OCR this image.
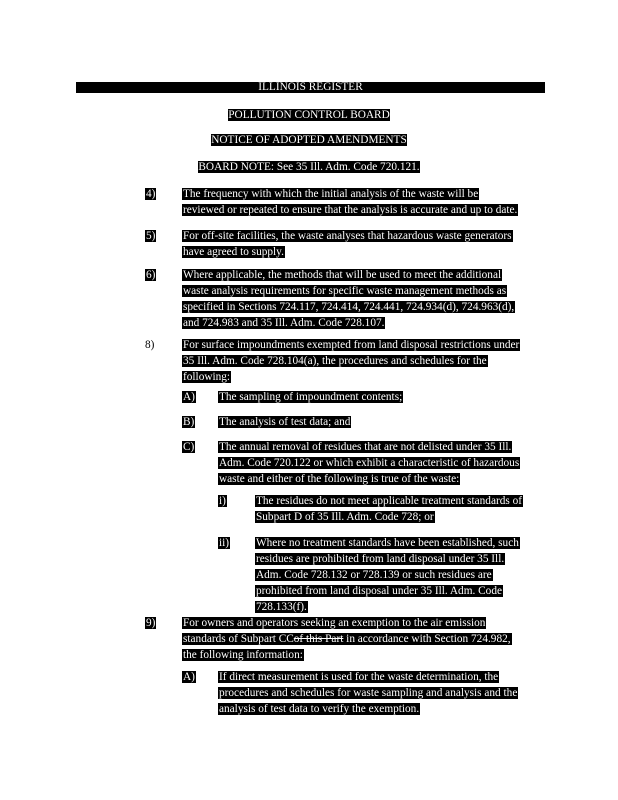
ILLINOIS REGISTER
POLLUTION CONTROL BOARD
NOTICE OF ADOPTED AMENDMENTS
BOARD NOTE: See 35 Ill. Adm. Code 720.121.
4) The frequency with which the initial analysis of the waste will be
reviewed or repeated to ensure that the analysis is accurate and up to date.
5) For off-site facilities, the waste analyses that hazardous waste generators
have agreed to supply.
6) Where applicable, the methods that will be used to meet the additional
waste analysis requirements for specific waste management methods as
specified in Sections 724.117, 724.414, 724.441, 724.934(d), 724.963(d),
and 724.983 and 35 Ill. Adm. Code 728.107.
8)	For surface impoundments exempted from land disposal restrictions under
35 Ill. Adm. Code 728.104(a), the procedures and schedules for the
following:
A) The sampling of impoundment contents;
B) The analysis of test data; and
C) The annual removal of residues that are not delisted under 35 Ill.
Adm. Code 720.122 or which exhibit a characteristic of hazardous
waste and either of the following is true of the waste:
i)	The residues do not meet applicable treatment standards of
Subpart D of 35 Ill. Adm. Code 728; or
ii) Where no treatment standards have been established, such
residues are prohibited from land disposal under 35 Ill.
Adm. Code 728.132 or 728.139 or such residues are
prohibited from land disposal under 35 Ill. Adm. Code
728.133(f).
9) For owners and operators seeking an exemption to the air emission
standards of Subpart CCof this Part in accordance with Section 724.982,
the following information:
A) If direct measurement is used for the waste determination, the
procedures and schedules for waste sampling and analysis and the
analysis of test data to verify the exemption.
